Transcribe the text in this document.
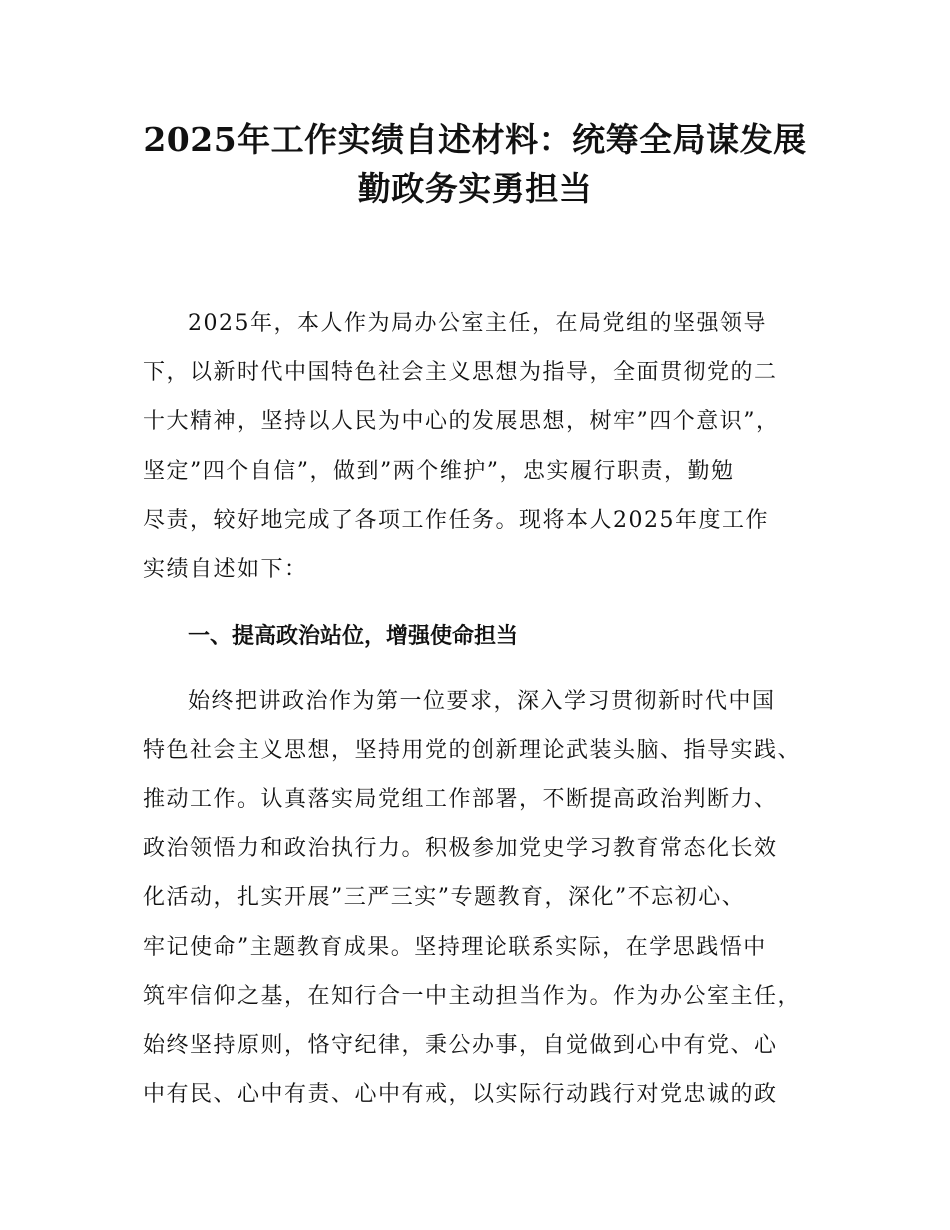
2025年工作实绩自述材料：统筹全局谋发展
勤政务实勇担当

2025年，本人作为局办公室主任，在局党组的坚强领导

下，以新时代中国特色社会主义思想为指导，全面贯彻党的二

十大精神，坚持以人民为中心的发展思想，树牢”四个意识”，

坚定”四个自信”，做到”两个维护”，忠实履行职责，勤勉

尽责，较好地完成了各项工作任务。现将本人2025年度工作

实绩自述如下：

一、提高政治站位，增强使命担当

始终把讲政治作为第一位要求，深入学习贯彻新时代中国

特色社会主义思想，坚持用党的创新理论武装头脑、指导实践、

推动工作。认真落实局党组工作部署，不断提高政治判断力、

政治领悟力和政治执行力。积极参加党史学习教育常态化长效

化活动，扎实开展”三严三实”专题教育，深化”不忘初心、

牢记使命”主题教育成果。坚持理论联系实际，在学思践悟中

筑牢信仰之基，在知行合一中主动担当作为。作为办公室主任，

始终坚持原则，恪守纪律，秉公办事，自觉做到心中有党、心

中有民、心中有责、心中有戒，以实际行动践行对党忠诚的政
